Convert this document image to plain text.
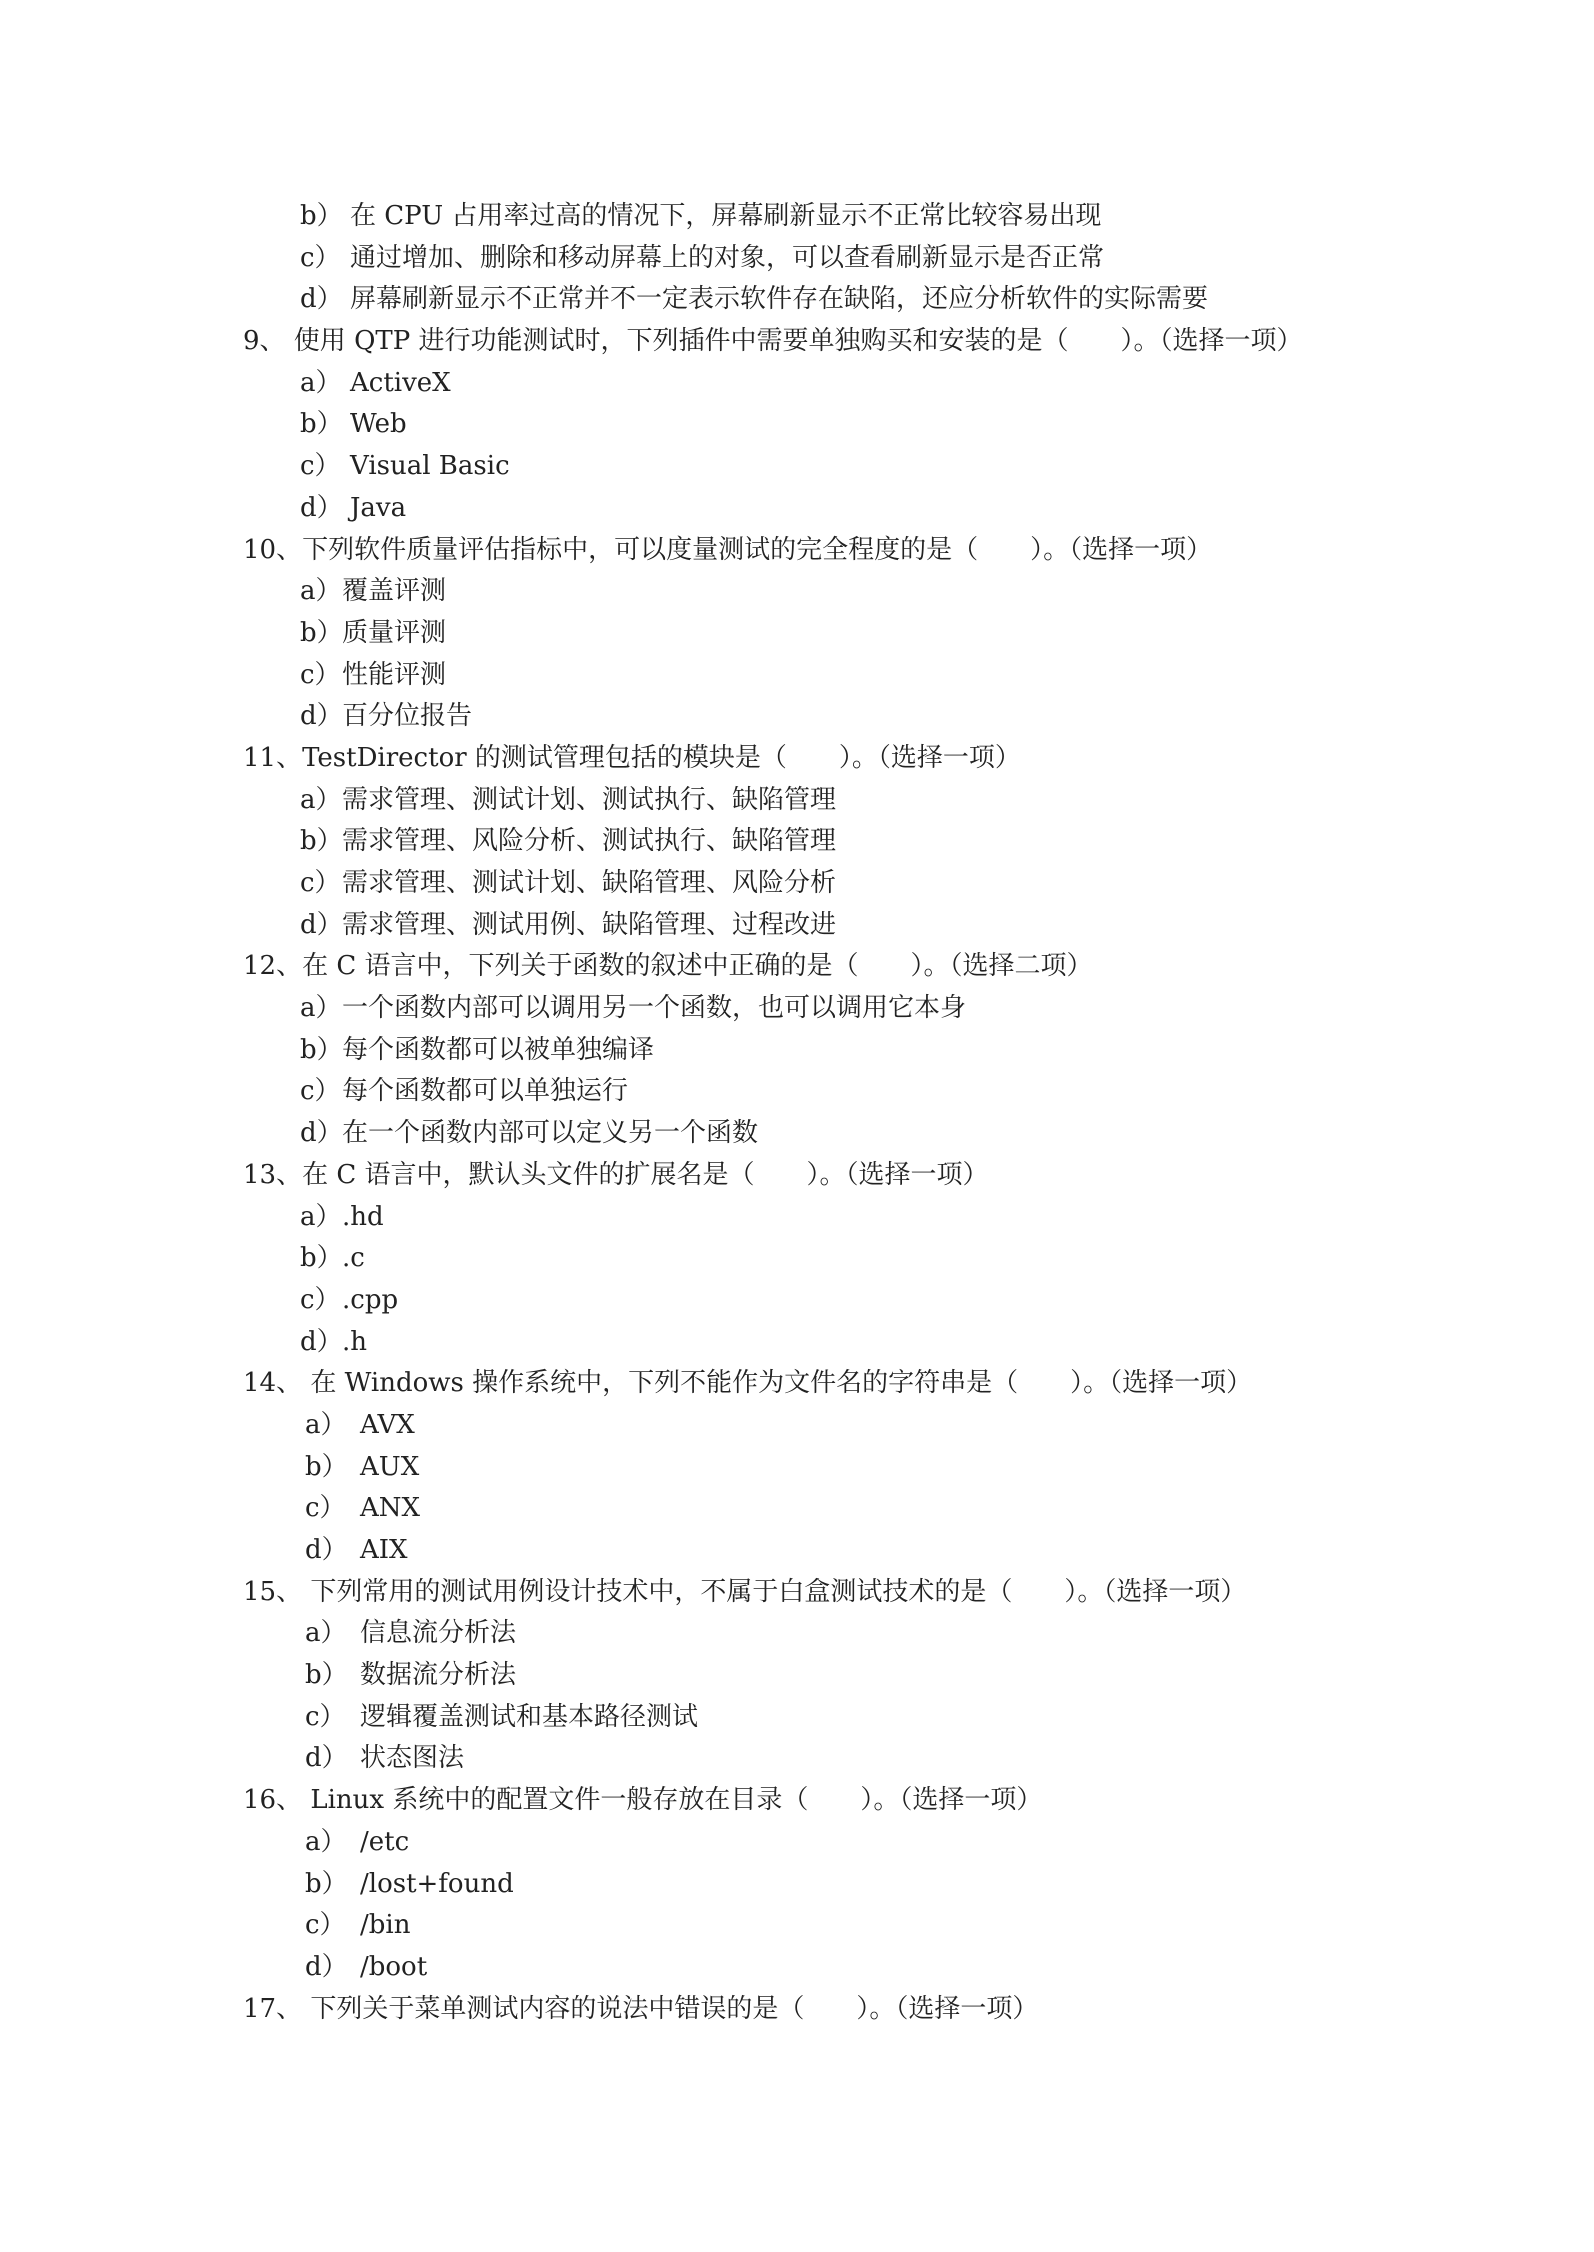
b） 在 CPU 占用率过高的情况下，屏幕刷新显示不正常比较容易出现
c） 通过增加、删除和移动屏幕上的对象，可以查看刷新显示是否正常
d） 屏幕刷新显示不正常并不一定表示软件存在缺陷，还应分析软件的实际需要
9、 使用 QTP 进行功能测试时，下列插件中需要单独购买和安装的是（　　）。（选择一项）
a） ActiveX
b） Web
c） Visual Basic
d） Java
10、下列软件质量评估指标中，可以度量测试的完全程度的是（　　）。（选择一项）
a）覆盖评测
b）质量评测
c）性能评测
d）百分位报告
11、TestDirector 的测试管理包括的模块是（　　）。（选择一项）
a）需求管理、测试计划、测试执行、缺陷管理
b）需求管理、风险分析、测试执行、缺陷管理
c）需求管理、测试计划、缺陷管理、风险分析
d）需求管理、测试用例、缺陷管理、过程改进
12、在 C 语言中，下列关于函数的叙述中正确的是（　　）。（选择二项）
a）一个函数内部可以调用另一个函数，也可以调用它本身
b）每个函数都可以被单独编译
c）每个函数都可以单独运行
d）在一个函数内部可以定义另一个函数
13、在 C 语言中，默认头文件的扩展名是（　　）。（选择一项）
a）.hd
b）.c
c）.cpp
d）.h
14、 在 Windows 操作系统中，下列不能作为文件名的字符串是（　　）。（选择一项）
a） AVX
b） AUX
c） ANX
d） AIX
15、 下列常用的测试用例设计技术中，不属于白盒测试技术的是（　　）。（选择一项）
a） 信息流分析法
b） 数据流分析法
c） 逻辑覆盖测试和基本路径测试
d） 状态图法
16、 Linux 系统中的配置文件一般存放在目录（　　）。（选择一项）
a） /etc
b） /lost+found
c） /bin
d） /boot
17、 下列关于菜单测试内容的说法中错误的是（　　）。（选择一项）
